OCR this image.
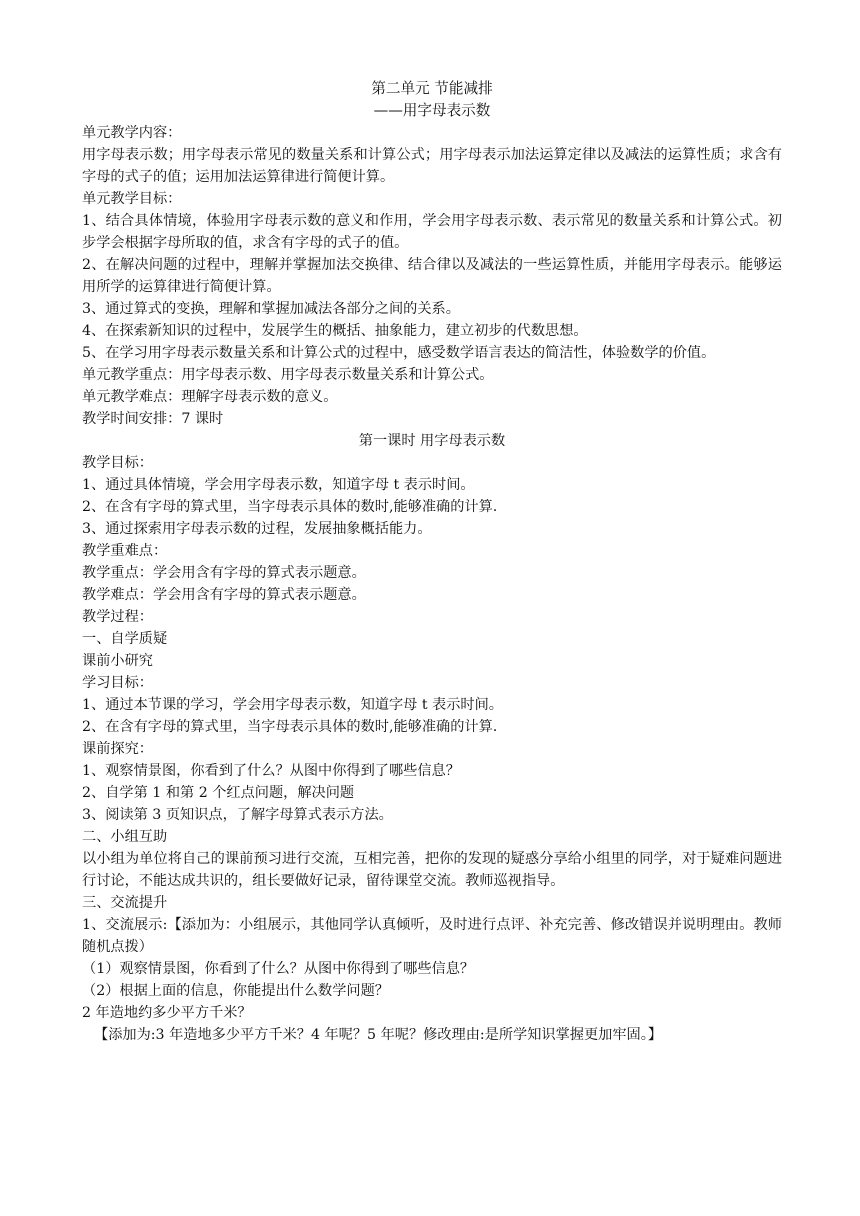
第二单元 节能减排
——用字母表示数
单元教学内容：
用字母表示数；用字母表示常见的数量关系和计算公式；用字母表示加法运算定律以及减法的运算性质；求含有字母的式子的值；运用加法运算律进行简便计算。
单元教学目标：
1、结合具体情境，体验用字母表示数的意义和作用，学会用字母表示数、表示常见的数量关系和计算公式。初步学会根据字母所取的值，求含有字母的式子的值。
2、在解决问题的过程中，理解并掌握加法交换律、结合律以及减法的一些运算性质，并能用字母表示。能够运用所学的运算律进行简便计算。
3、通过算式的变换，理解和掌握加减法各部分之间的关系。
4、在探索新知识的过程中，发展学生的概括、抽象能力，建立初步的代数思想。
5、在学习用字母表示数量关系和计算公式的过程中，感受数学语言表达的简洁性，体验数学的价值。
单元教学重点：用字母表示数、用字母表示数量关系和计算公式。
单元教学难点：理解字母表示数的意义。
教学时间安排：7 课时
第一课时 用字母表示数
教学目标：
1、通过具体情境，学会用字母表示数，知道字母 t 表示时间。
2、在含有字母的算式里，当字母表示具体的数时,能够准确的计算.
3、通过探索用字母表示数的过程，发展抽象概括能力。
教学重难点：
教学重点：学会用含有字母的算式表示题意。
教学难点：学会用含有字母的算式表示题意。
教学过程：
一、自学质疑
课前小研究
学习目标：
1、通过本节课的学习，学会用字母表示数，知道字母 t 表示时间。
2、在含有字母的算式里，当字母表示具体的数时,能够准确的计算.
课前探究：
1、观察情景图，你看到了什么？从图中你得到了哪些信息？
2、自学第 1 和第 2 个红点问题，解决问题
3、阅读第 3 页知识点，了解字母算式表示方法。
二、小组互助
以小组为单位将自己的课前预习进行交流，互相完善，把你的发现的疑惑分享给小组里的同学，对于疑难问题进行讨论，不能达成共识的，组长要做好记录，留待课堂交流。教师巡视指导。
三、交流提升
1、交流展示:【添加为：小组展示，其他同学认真倾听，及时进行点评、补充完善、修改错误并说明理由。教师随机点拨）
（1）观察情景图，你看到了什么？从图中你得到了哪些信息？
（2）根据上面的信息，你能提出什么数学问题？
2 年造地约多少平方千米？
【添加为:3 年造地多少平方千米？4 年呢？5 年呢？修改理由:是所学知识掌握更加牢固。】
